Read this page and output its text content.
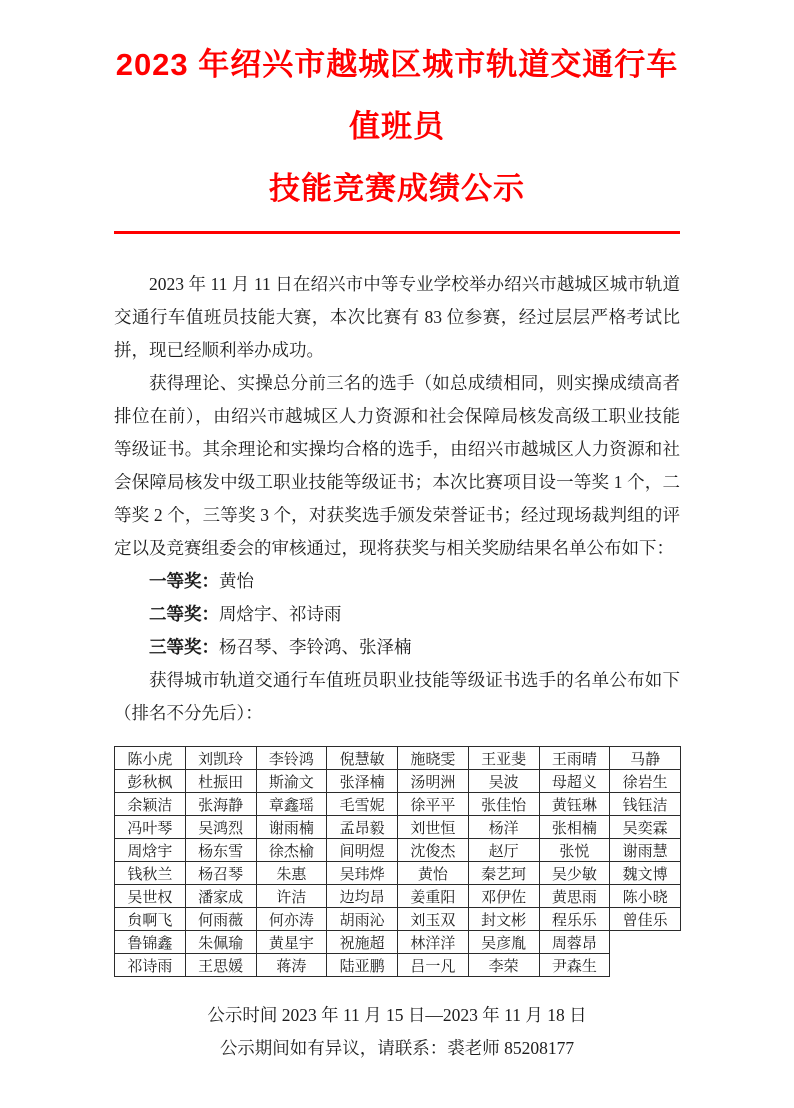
2023 年绍兴市越城区城市轨道交通行车值班员
技能竞赛成绩公示

2023 年 11 月 11 日在绍兴市中等专业学校举办绍兴市越城区城市轨道交通行车值班员技能大赛，本次比赛有 83 位参赛，经过层层严格考试比拼，现已经顺利举办成功。

获得理论、实操总分前三名的选手（如总成绩相同，则实操成绩高者排位在前），由绍兴市越城区人力资源和社会保障局核发高级工职业技能等级证书。其余理论和实操均合格的选手，由绍兴市越城区人力资源和社会保障局核发中级工职业技能等级证书；本次比赛项目设一等奖 1 个，二等奖 2 个，三等奖 3 个，对获奖选手颁发荣誉证书；经过现场裁判组的评定以及竞赛组委会的审核通过，现将获奖与相关奖励结果名单公布如下：

一等奖：黄怡

二等奖：周焓宇、祁诗雨

三等奖：杨召琴、李铃鸿、张泽楠

获得城市轨道交通行车值班员职业技能等级证书选手的名单公布如下（排名不分先后）：

陈小虎	刘凯玲	李铃鸿	倪慧敏	施晓雯	王亚斐	王雨晴	马静
彭秋枫	杜振田	斯渝文	张泽楠	汤明洲	吴波	母超义	徐岩生
余颖洁	张海静	章鑫瑶	毛雪妮	徐平平	张佳怡	黄钰琳	钱钰洁
冯叶琴	吴鸿烈	谢雨楠	孟昂毅	刘世恒	杨洋	张相楠	吴奕霖
周焓宇	杨东雪	徐杰榆	间明煜	沈俊杰	赵厅	张悦	谢雨慧
钱秋兰	杨召琴	朱惠	吴玮烨	黄怡	秦艺珂	吴少敏	魏文博
吴世权	潘家成	许洁	边均昂	姜重阳	邓伊佐	黄思雨	陈小晓
贠啊飞	何雨薇	何亦涛	胡雨沁	刘玉双	封文彬	程乐乐	曾佳乐
鲁锦鑫	朱佩瑜	黄星宇	祝施超	林洋洋	吴彦胤	周蓉昂	
祁诗雨	王思媛	蒋涛	陆亚鹏	吕一凡	李荣	尹森生	

公示时间 2023 年 11 月 15 日—2023 年 11 月 18 日

公示期间如有异议，请联系：裘老师 85208177
